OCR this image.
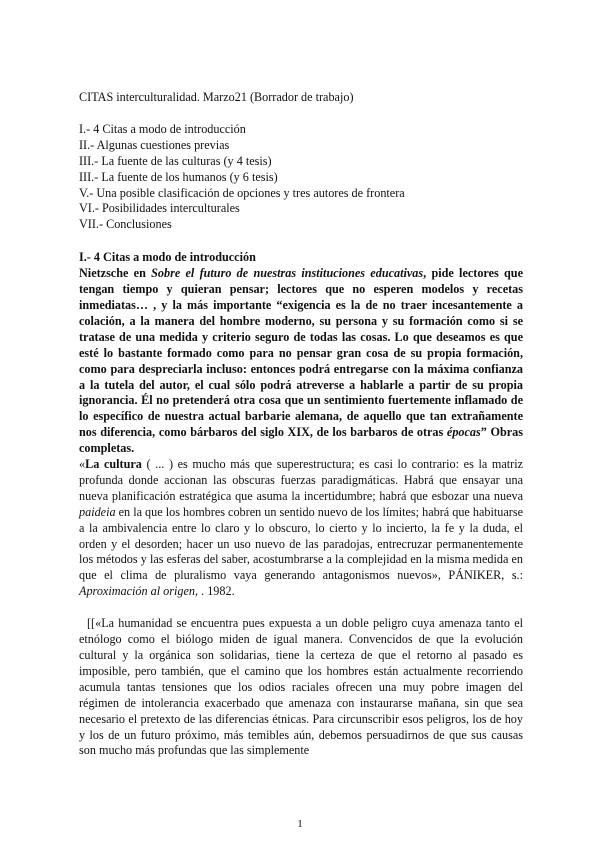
CITAS interculturalidad. Marzo21 (Borrador de trabajo)

I.- 4 Citas a modo de introducción
II.- Algunas cuestiones previas
III.- La fuente de las culturas (y 4 tesis)
III.- La fuente de los humanos (y 6 tesis)
V.- Una posible clasificación de opciones y tres autores de frontera
VI.- Posibilidades interculturales
VII.- Conclusiones

I.- 4 Citas a modo de introducción

Nietzsche en Sobre el futuro de nuestras instituciones educativas, pide lectores que tengan tiempo y quieran pensar; lectores que no esperen modelos y recetas inmediatas… , y la más importante “exigencia es la de no traer incesantemente a colación, a la manera del hombre moderno, su persona y su formación como si se tratase de una medida y criterio seguro de todas las cosas. Lo que deseamos es que esté lo bastante formado como para no pensar gran cosa de su propia formación, como para despreciarla incluso: entonces podrá entregarse con la máxima confianza a la tutela del autor, el cual sólo podrá atreverse a hablarle a partir de su propia ignorancia. Él no pretenderá otra cosa que un sentimiento fuertemente inflamado de lo específico de nuestra actual barbarie alemana, de aquello que tan extrañamente nos diferencia, como bárbaros del siglo XIX, de los barbaros de otras épocas” Obras completas.

«La cultura ( ... ) es mucho más que superestructura; es casi lo contrario: es la matriz profunda donde accionan las obscuras fuerzas paradigmáticas. Habrá que ensayar una nueva planificación estratégica que asuma la incertidumbre; habrá que esbozar una nueva paideia en la que los hombres cobren un sentido nuevo de los límites; habrá que habituarse a la ambivalencia entre lo claro y lo obscuro, lo cierto y lo incierto, la fe y la duda, el orden y el desorden; hacer un uso nuevo de las paradojas, entrecruzar permanentemente los métodos y las esferas del saber, acostumbrarse a la complejidad en la misma medida en que el clima de pluralismo vaya generando antagonismos nuevos», PÁNIKER, s.: Aproximación al origen, . 1982.

[[«La humanidad se encuentra pues expuesta a un doble peligro cuya amenaza tanto el etnólogo como el biólogo miden de igual manera. Convencidos de que la evolución cultural y la orgánica son solidarias, tiene la certeza de que el retorno al pasado es imposible, pero también, que el camino que los hombres están actualmente recorriendo acumula tantas tensiones que los odios raciales ofrecen una muy pobre imagen del régimen de intolerancia exacerbado que amenaza con instaurarse mañana, sin que sea necesario el pretexto de las diferencias étnicas. Para circunscribir esos peligros, los de hoy y los de un futuro próximo, más temibles aún, debemos persuadirnos de que sus causas son mucho más profundas que las simplemente

1
